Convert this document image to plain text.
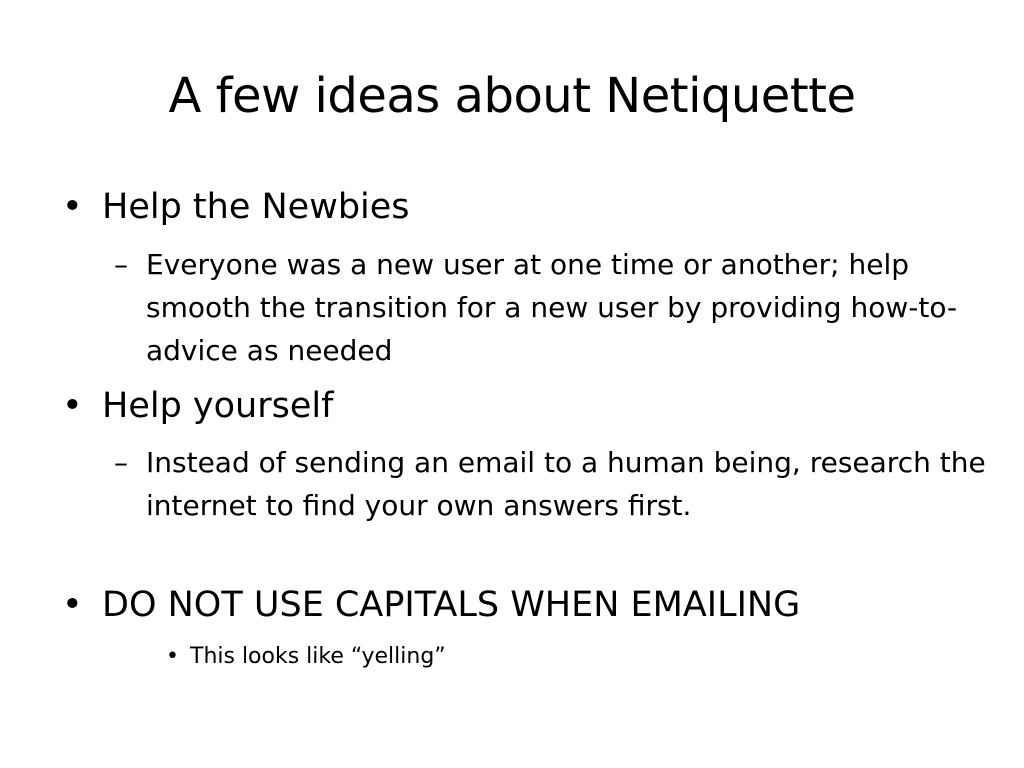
A few ideas about Netiquette
• Help the Newbies
– Everyone was a new user at one time or another; help smooth the transition for a new user by providing how-to-advice as needed
• Help yourself
– Instead of sending an email to a human being, research the internet to find your own answers first.
• DO NOT USE CAPITALS WHEN EMAILING
• This looks like “yelling”
